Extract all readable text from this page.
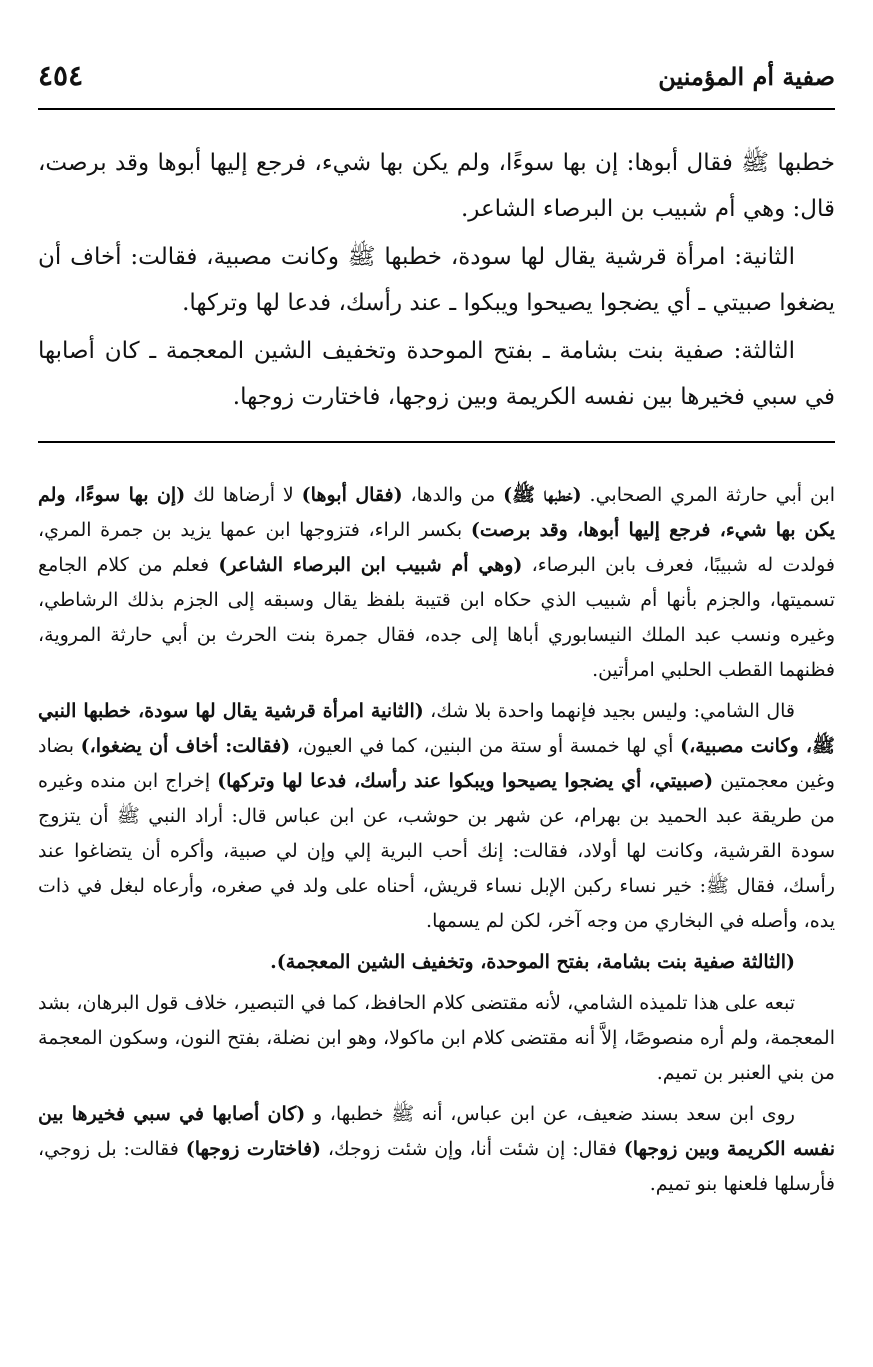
صفية أم المؤمنين
٤٥٤

خطبها ﷺ فقال أبوها: إن بها سوءًا، ولم يكن بها شيء، فرجع إليها أبوها وقد برصت، قال: وهي أم شبيب بن البرصاء الشاعر.

الثانية: امرأة قرشية يقال لها سودة، خطبها ﷺ وكانت مصبية، فقالت: أخاف أن يضغوا صبيتي ـ أي يضجوا يصيحوا ويبكوا ـ عند رأسك، فدعا لها وتركها.

الثالثة: صفية بنت بشامة ـ بفتح الموحدة وتخفيف الشين المعجمة ـ كان أصابها في سبي فخيرها بين نفسه الكريمة وبين زوجها، فاختارت زوجها.

ابن أبي حارثة المري الصحابي. (خطبها ﷺ) من والدها، (فقال أبوها) لا أرضاها لك (إن بها سوءًا، ولم يكن بها شيء، فرجع إليها أبوها، وقد برصت) بكسر الراء، فتزوجها ابن عمها يزيد بن جمرة المري، فولدت له شبيبًا، فعرف بابن البرصاء، (وهي أم شبيب ابن البرصاء الشاعر) فعلم من كلام الجامع تسميتها، والجزم بأنها أم شبيب الذي حكاه ابن قتيبة بلفظ يقال وسبقه إلى الجزم بذلك الرشاطي، وغيره ونسب عبد الملك النيسابوري أباها إلى جده، فقال جمرة بنت الحرث بن أبي حارثة المروية، فظنهما القطب الحلبي امرأتين.

قال الشامي: وليس بجيد فإنهما واحدة بلا شك، (الثانية امرأة قرشية يقال لها سودة، خطبها النبي ﷺ، وكانت مصبية،) أي لها خمسة أو ستة من البنين، كما في العيون، (فقالت: أخاف أن يضغوا،) بضاد وغين معجمتين (صبيتي، أي يضجوا يصيحوا ويبكوا عند رأسك، فدعا لها وتركها) إخراج ابن منده وغيره من طريقة عبد الحميد بن بهرام، عن شهر بن حوشب، عن ابن عباس قال: أراد النبي ﷺ أن يتزوج سودة القرشية، وكانت لها أولاد، فقالت: إنك أحب البرية إلي وإن لي صبية، وأكره أن يتضاغوا عند رأسك، فقال ﷺ: خير نساء ركبن الإبل نساء قريش، أحناه على ولد في صغره، وأرعاه لبغل في ذات يده، وأصله في البخاري من وجه آخر، لكن لم يسمها.

(الثالثة صفية بنت بشامة، بفتح الموحدة، وتخفيف الشين المعجمة).

تبعه على هذا تلميذه الشامي، لأنه مقتضى كلام الحافظ، كما في التبصير، خلاف قول البرهان، بشد المعجمة، ولم أره منصوصًا، إلاَّ أنه مقتضى كلام ابن ماكولا، وهو ابن نضلة، بفتح النون، وسكون المعجمة من بني العنبر بن تميم.

روى ابن سعد بسند ضعيف، عن ابن عباس، أنه ﷺ خطبها، و (كان أصابها في سبي فخيرها بين نفسه الكريمة وبين زوجها) فقال: إن شئت أنا، وإن شئت زوجك، (فاختارت زوجها) فقالت: بل زوجي، فأرسلها فلعنها بنو تميم.
